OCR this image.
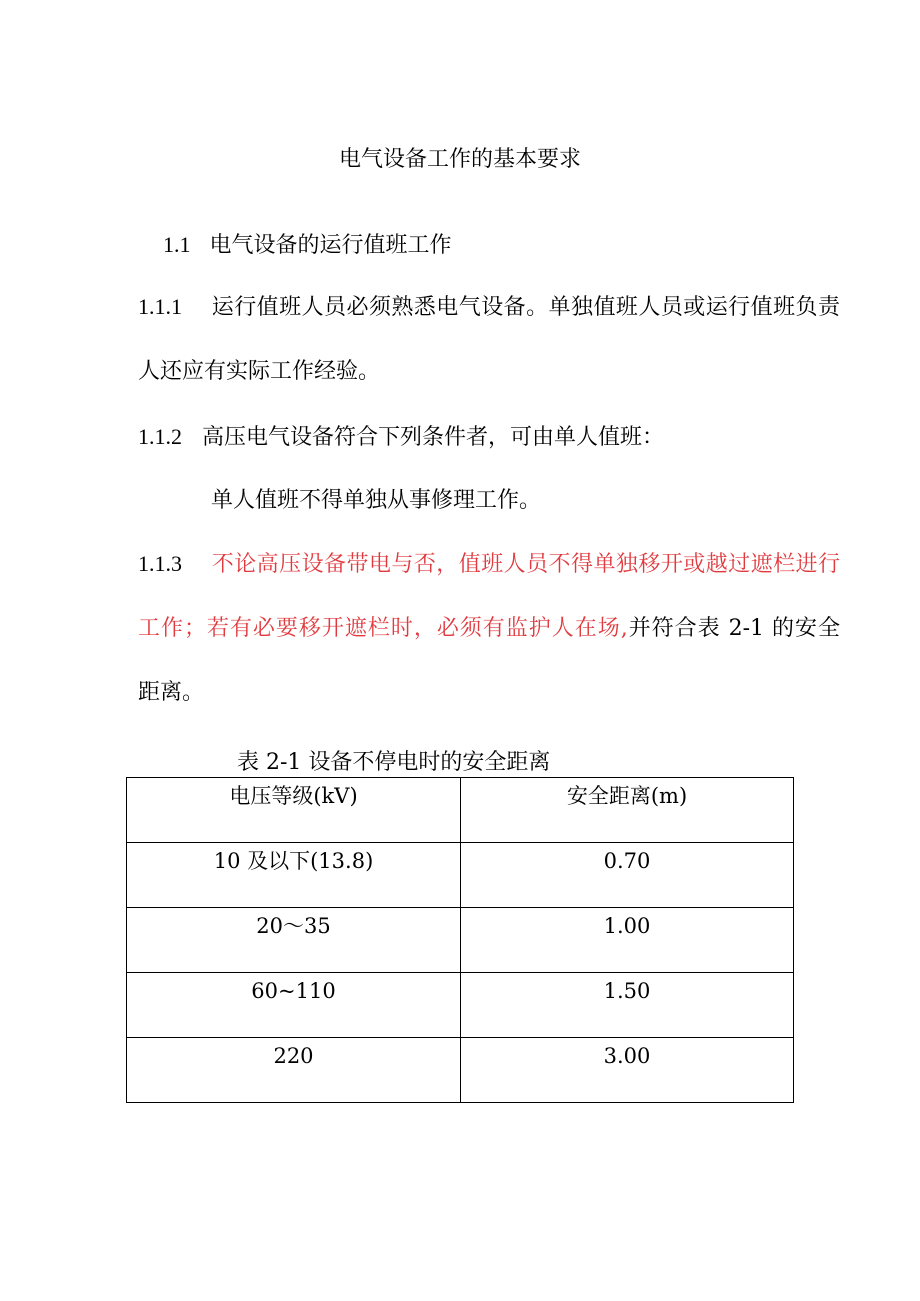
电气设备工作的基本要求
1.1 电气设备的运行值班工作
1.1.1 运行值班人员必须熟悉电气设备。单独值班人员或运行值班负责
人还应有实际工作经验。
1.1.2 高压电气设备符合下列条件者，可由单人值班：
单人值班不得单独从事修理工作。
1.1.3 不论高压设备带电与否，值班人员不得单独移开或越过遮栏进行
工作；若有必要移开遮栏时，必须有监护人在场,并符合表 2-1 的安全
距离。
表 2-1 设备不停电时的安全距离
电压等级(kV)	安全距离(m)

10 及以下(13.8)	0.70

20～35	1.00

60~110	1.50

220	3.00
